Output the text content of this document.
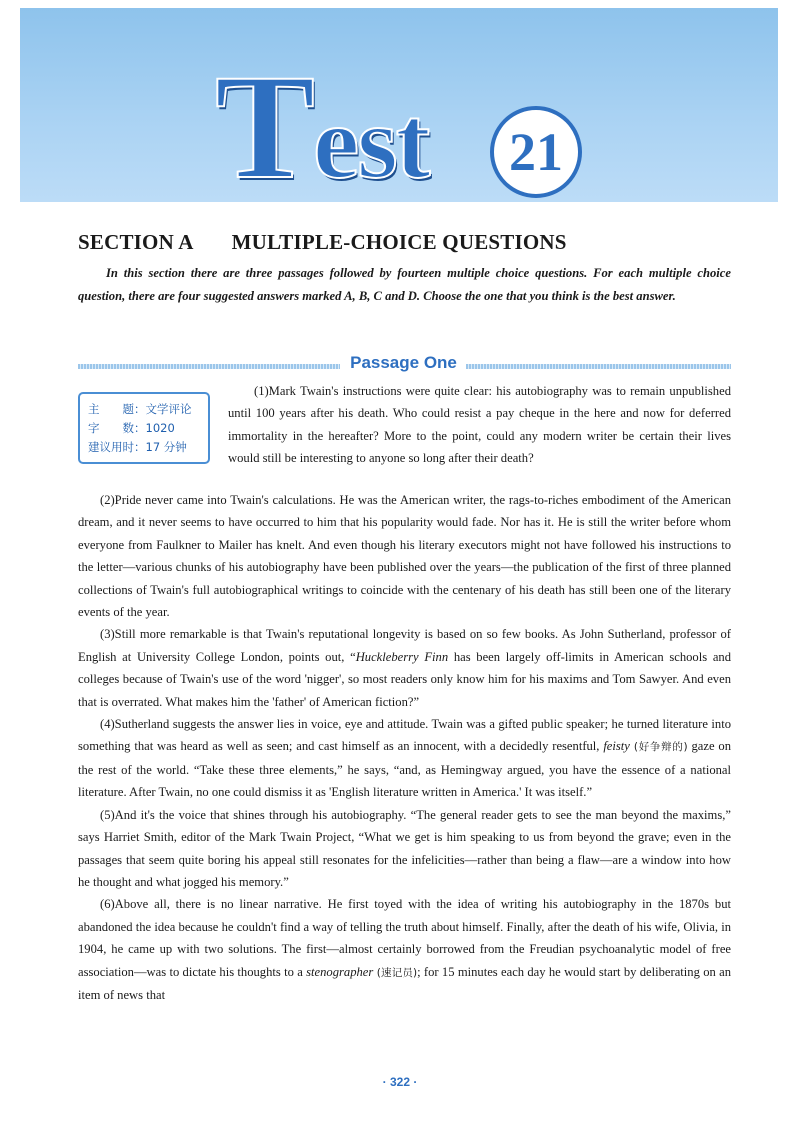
Test 21
SECTION A MULTIPLE-CHOICE QUESTIONS
In this section there are three passages followed by fourteen multiple choice questions. For each multiple choice question, there are four suggested answers marked A, B, C and D. Choose the one that you think is the best answer.
Passage One
主　　题：文学评论
字　　数：1020
建议用时：17 分钟

(1)Mark Twain's instructions were quite clear: his autobiography was to remain unpublished until 100 years after his death. Who could resist a pay cheque in the here and now for deferred immortality in the hereafter? More to the point, could any modern writer be certain their lives would still be interesting to anyone so long after their death?

(2)Pride never came into Twain's calculations. He was the American writer, the rags-to-riches embodiment of the American dream, and it never seems to have occurred to him that his popularity would fade. Nor has it. He is still the writer before whom everyone from Faulkner to Mailer has knelt. And even though his literary executors might not have followed his instructions to the letter—various chunks of his autobiography have been published over the years—the publication of the first of three planned collections of Twain's full autobiographical writings to coincide with the centenary of his death has still been one of the literary events of the year.

(3)Still more remarkable is that Twain's reputational longevity is based on so few books. As John Sutherland, professor of English at University College London, points out, “Huckleberry Finn has been largely off-limits in American schools and colleges because of Twain's use of the word 'nigger', so most readers only know him for his maxims and Tom Sawyer. And even that is overrated. What makes him the 'father' of American fiction?”

(4)Sutherland suggests the answer lies in voice, eye and attitude. Twain was a gifted public speaker; he turned literature into something that was heard as well as seen; and cast himself as an innocent, with a decidedly resentful, feisty (好争辩的) gaze on the rest of the world. “Take these three elements,” he says, “and, as Hemingway argued, you have the essence of a national literature. After Twain, no one could dismiss it as 'English literature written in America.' It was itself.”

(5)And it's the voice that shines through his autobiography. “The general reader gets to see the man beyond the maxims,” says Harriet Smith, editor of the Mark Twain Project, “What we get is him speaking to us from beyond the grave; even in the passages that seem quite boring his appeal still resonates for the infelicities—rather than being a flaw—are a window into how he thought and what jogged his memory.”

(6)Above all, there is no linear narrative. He first toyed with the idea of writing his autobiography in the 1870s but abandoned the idea because he couldn't find a way of telling the truth about himself. Finally, after the death of his wife, Olivia, in 1904, he came up with two solutions. The first—almost certainly borrowed from the Freudian psychoanalytic model of free association—was to dictate his thoughts to a stenographer (速记员); for 15 minutes each day he would start by deliberating on an item of news that

· 322 ·
